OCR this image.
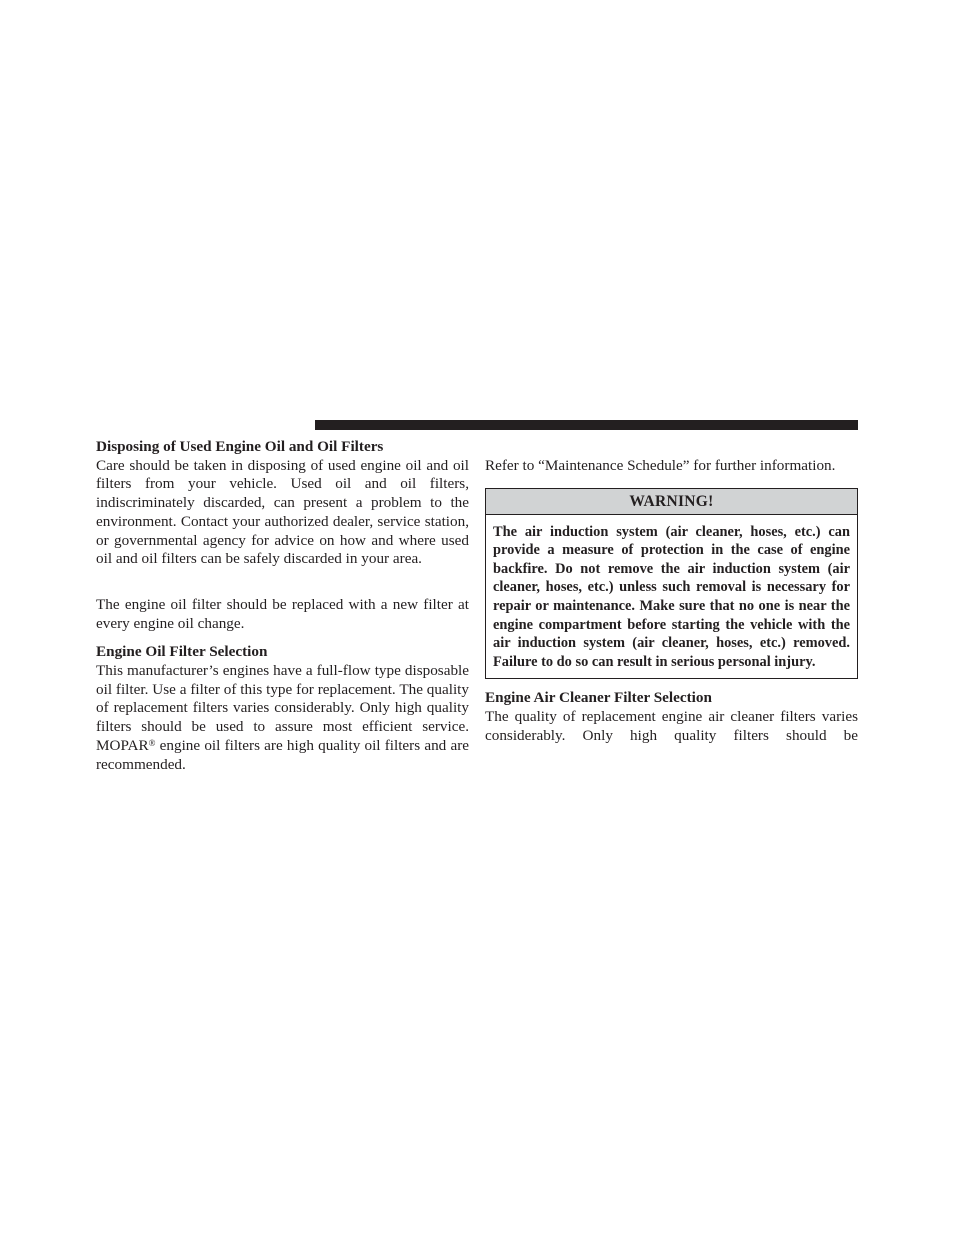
Disposing of Used Engine Oil and Oil Filters

Care should be taken in disposing of used engine oil and oil filters from your vehicle. Used oil and oil filters, indiscriminately discarded, can present a problem to the environment. Contact your authorized dealer, service station, or governmental agency for advice on how and where used oil and oil filters can be safely discarded in your area.

The engine oil filter should be replaced with a new filter at every engine oil change.

Engine Oil Filter Selection

This manufacturer’s engines have a full-flow type disposable oil filter. Use a filter of this type for replacement. The quality of replacement filters varies considerably. Only high quality filters should be used to assure most efficient service. MOPAR® engine oil filters are high quality oil filters and are recommended.

Refer to “Maintenance Schedule” for further information.

WARNING!
The air induction system (air cleaner, hoses, etc.) can provide a measure of protection in the case of engine backfire. Do not remove the air induction system (air cleaner, hoses, etc.) unless such removal is necessary for repair or maintenance. Make sure that no one is near the engine compartment before starting the vehicle with the air induction system (air cleaner, hoses, etc.) removed. Failure to do so can result in serious personal injury.
Engine Air Cleaner Filter Selection

The quality of replacement engine air cleaner filters varies considerably. Only high quality filters should be
